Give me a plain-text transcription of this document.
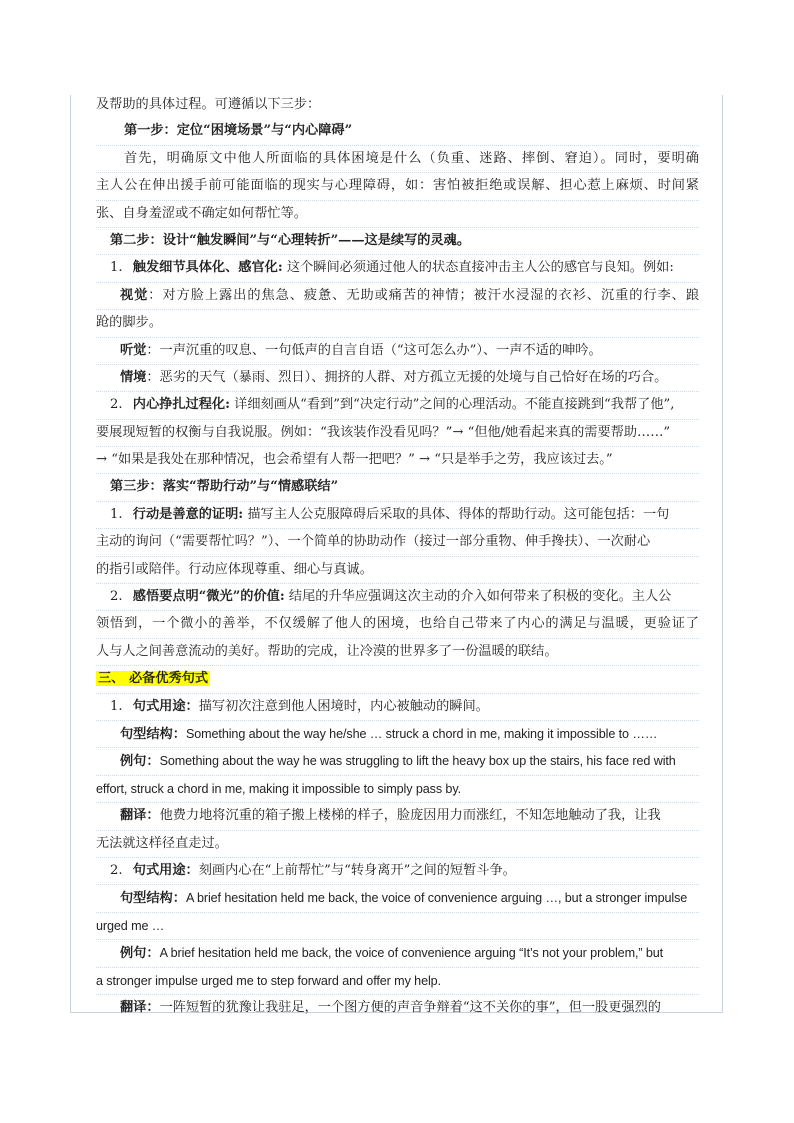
及帮助的具体过程。可遵循以下三步：
第一步：定位“困境场景”与“内心障碍”
首先，明确原文中他人所面临的具体困境是什么（负重、迷路、摔倒、窘迫）。同时，要明确
主人公在伸出援手前可能面临的现实与心理障碍，如：害怕被拒绝或误解、担心惹上麻烦、时间紧
张、自身羞涩或不确定如何帮忙等。
第二步：设计“触发瞬间”与“心理转折”——这是续写的灵魂。
1. 触发细节具体化、感官化: 这个瞬间必须通过他人的状态直接冲击主人公的感官与良知。例如:
视觉：对方脸上露出的焦急、疲惫、无助或痛苦的神情；被汗水浸湿的衣衫、沉重的行李、踉
跄的脚步。
听觉：一声沉重的叹息、一句低声的自言自语（“这可怎么办”）、一声不适的呻吟。
情境：恶劣的天气（暴雨、烈日）、拥挤的人群、对方孤立无援的处境与自己恰好在场的巧合。
2. 内心挣扎过程化: 详细刻画从“看到”到“决定行动”之间的心理活动。不能直接跳到“我帮了他”,
要展现短暂的权衡与自我说服。例如：“我该装作没看见吗？”→ “但他/她看起来真的需要帮助……”
→ “如果是我处在那种情况，也会希望有人帮一把吧？” → “只是举手之劳，我应该过去。”
第三步：落实“帮助行动”与“情感联结”
1. 行动是善意的证明: 描写主人公克服障碍后采取的具体、得体的帮助行动。这可能包括：一句
主动的询问（“需要帮忙吗？”）、一个简单的协助动作（接过一部分重物、伸手搀扶）、一次耐心
的指引或陪伴。行动应体现尊重、细心与真诚。
2. 感悟要点明“微光”的价值: 结尾的升华应强调这次主动的介入如何带来了积极的变化。主人公
领悟到，一个微小的善举，不仅缓解了他人的困境，也给自己带来了内心的满足与温暖，更验证了
人与人之间善意流动的美好。帮助的完成，让冷漠的世界多了一份温暖的联结。
三、 必备优秀句式
1. 句式用途：描写初次注意到他人困境时，内心被触动的瞬间。
句型结构：Something about the way he/she … struck a chord in me, making it impossible to ……
例句：Something about the way he was struggling to lift the heavy box up the stairs, his face red with
effort, struck a chord in me, making it impossible to simply pass by.
翻译：他费力地将沉重的箱子搬上楼梯的样子，脸庞因用力而涨红，不知怎地触动了我，让我
无法就这样径直走过。
2. 句式用途：刻画内心在“上前帮忙”与“转身离开”之间的短暂斗争。
句型结构：A brief hesitation held me back, the voice of convenience arguing …, but a stronger impulse
urged me …
例句：A brief hesitation held me back, the voice of convenience arguing “It’s not your problem,” but
a stronger impulse urged me to step forward and offer my help.
翻译：一阵短暂的犹豫让我驻足，一个图方便的声音争辩着“这不关你的事”，但一股更强烈的
